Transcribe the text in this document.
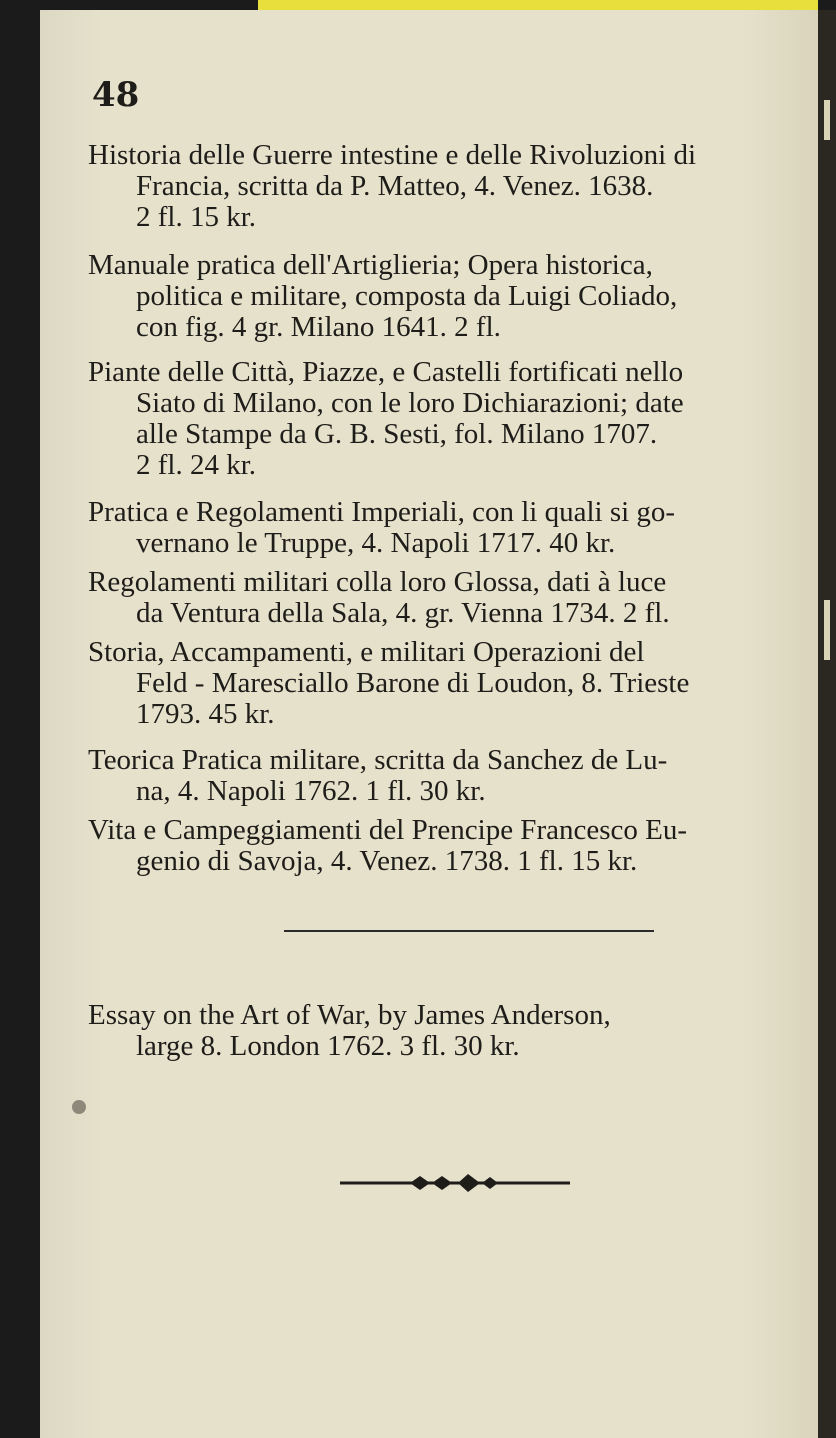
48
Historia delle Guerre intestine e delle Rivoluzioni di
Francia, scritta da P. Matteo, 4. Venez. 1638.
2 fl. 15 kr.
Manuale pratica dell'Artiglieria; Opera historica,
politica e militare, composta da Luigi Coliado,
con fig. 4 gr. Milano 1641. 2 fl.
Piante delle Città, Piazze, e Castelli fortificati nello
Siato di Milano, con le loro Dichiarazioni; date
alle Stampe da G. B. Sesti, fol. Milano 1707.
2 fl. 24 kr.
Pratica e Regolamenti Imperiali, con li quali si go-
vernano le Truppe, 4. Napoli 1717. 40 kr.
Regolamenti militari colla loro Glossa, dati à luce
da Ventura della Sala, 4. gr. Vienna 1734. 2 fl.
Storia, Accampamenti, e militari Operazioni del
Feld - Maresciallo Barone di Loudon, 8. Trieste
1793. 45 kr.
Teorica Pratica militare, scritta da Sanchez de Lu-
na, 4. Napoli 1762. 1 fl. 30 kr.
Vita e Campeggiamenti del Prencipe Francesco Eu-
genio di Savoja, 4. Venez. 1738. 1 fl. 15 kr.
Essay on the Art of War, by James Anderson,
large 8. London 1762. 3 fl. 30 kr.
